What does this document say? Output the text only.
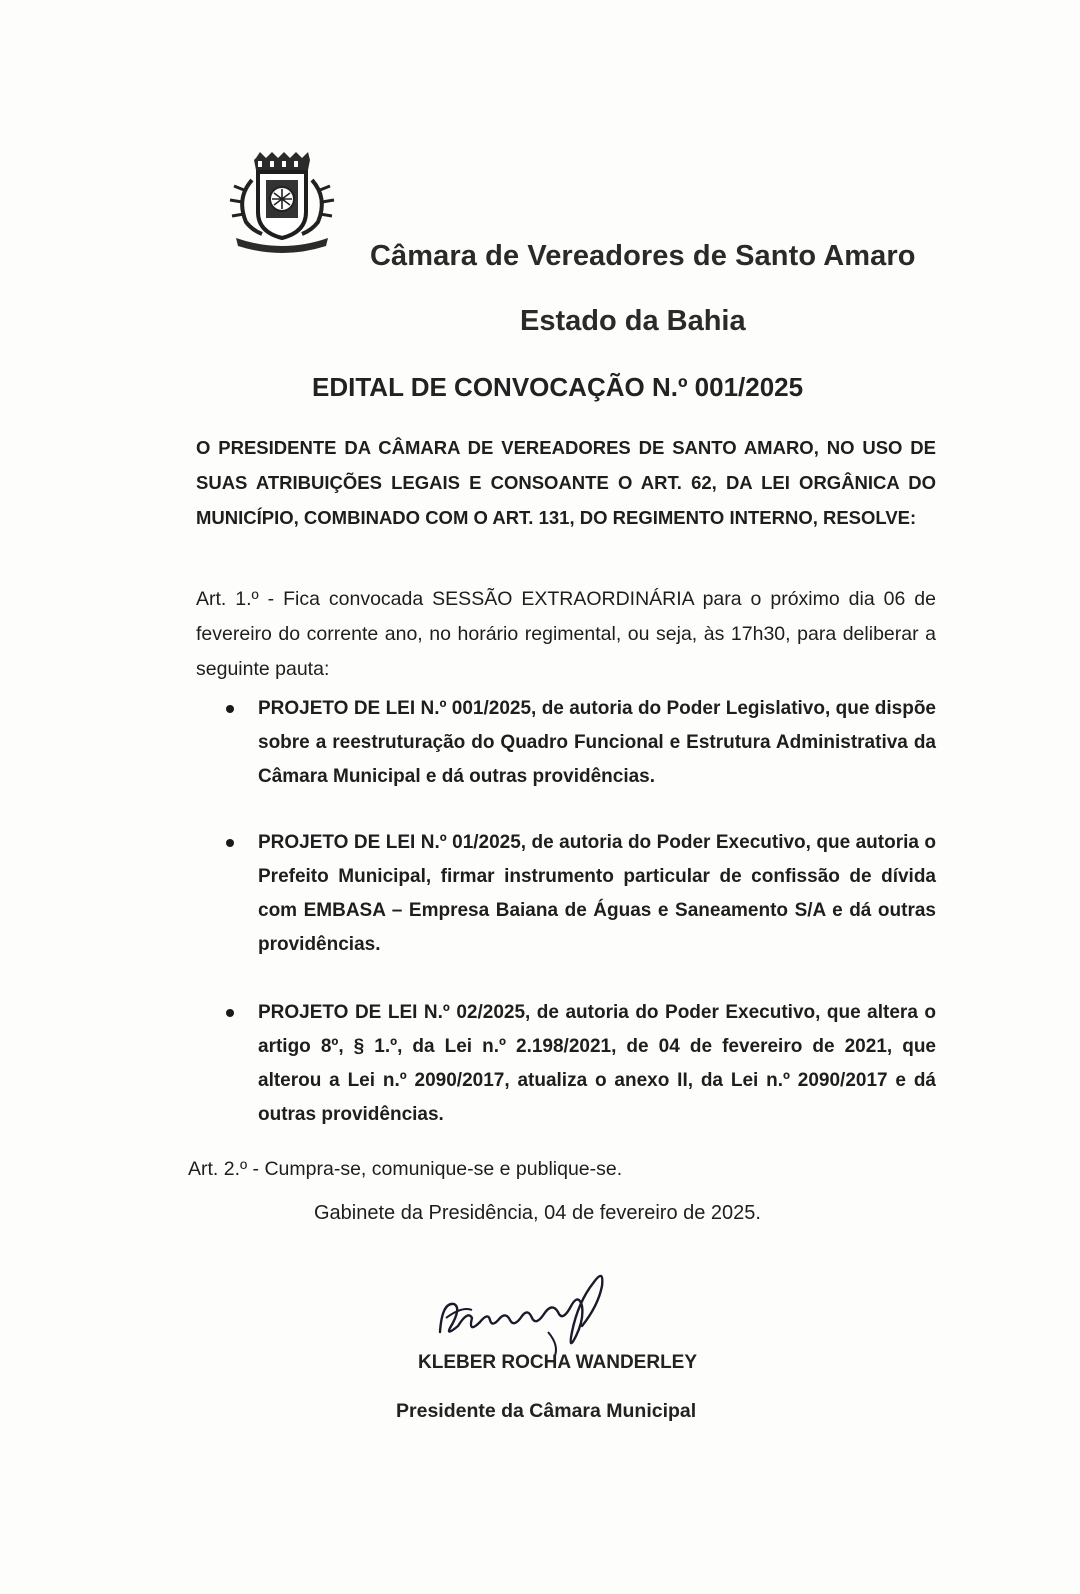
Câmara de Vereadores de Santo Amaro
Estado da Bahia
EDITAL DE CONVOCAÇÃO N.º 001/2025

O PRESIDENTE DA CÂMARA DE VEREADORES DE SANTO AMARO, NO USO DE SUAS ATRIBUIÇÕES LEGAIS E CONSOANTE O ART. 62, DA LEI ORGÂNICA DO MUNICÍPIO, COMBINADO COM O ART. 131, DO REGIMENTO INTERNO, RESOLVE:

Art. 1.º - Fica convocada SESSÃO EXTRAORDINÁRIA para o próximo dia 06 de fevereiro do corrente ano, no horário regimental, ou seja, às 17h30, para deliberar a seguinte pauta:

PROJETO DE LEI N.º 001/2025, de autoria do Poder Legislativo, que dispõe sobre a reestruturação do Quadro Funcional e Estrutura Administrativa da Câmara Municipal e dá outras providências.
PROJETO DE LEI N.º 01/2025, de autoria do Poder Executivo, que autoria o Prefeito Municipal, firmar instrumento particular de confissão de dívida com EMBASA – Empresa Baiana de Águas e Saneamento S/A e dá outras providências.
PROJETO DE LEI N.º 02/2025, de autoria do Poder Executivo, que altera o artigo 8º, § 1.º, da Lei n.º 2.198/2021, de 04 de fevereiro de 2021, que alterou a Lei n.º 2090/2017, atualiza o anexo II, da Lei n.º 2090/2017 e dá outras providências.

Art. 2.º - Cumpra-se, comunique-se e publique-se.

Gabinete da Presidência, 04 de fevereiro de 2025.

KLEBER ROCHA WANDERLEY
Presidente da Câmara Municipal
